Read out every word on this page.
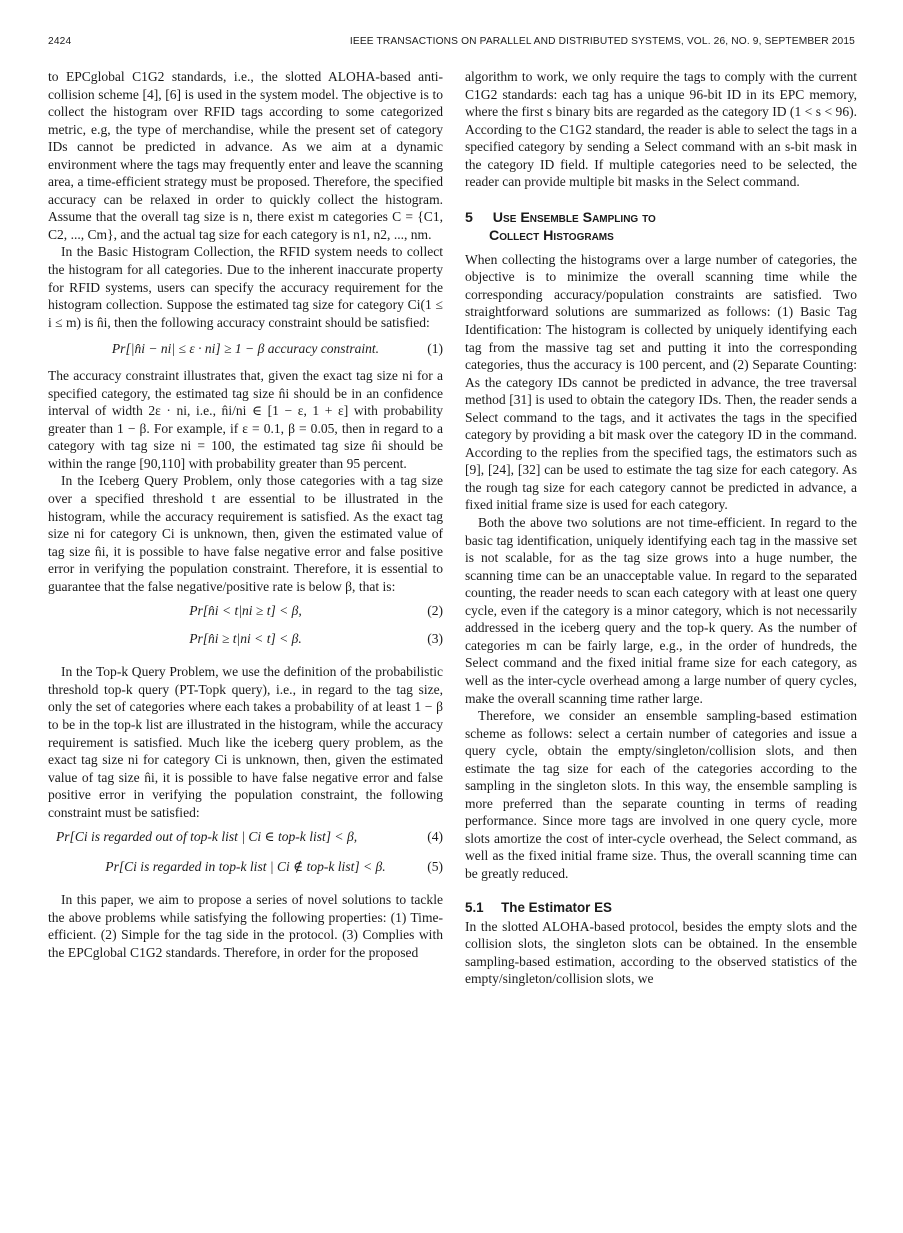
2424	IEEE TRANSACTIONS ON PARALLEL AND DISTRIBUTED SYSTEMS, VOL. 26, NO. 9, SEPTEMBER 2015

to EPCglobal C1G2 standards, i.e., the slotted ALOHA-based anti-collision scheme [4], [6] is used in the system model. The objective is to collect the histogram over RFID tags according to some categorized metric, e.g, the type of merchandise, while the present set of category IDs cannot be predicted in advance. As we aim at a dynamic environment where the tags may frequently enter and leave the scanning area, a time-efficient strategy must be proposed. Therefore, the specified accuracy can be relaxed in order to quickly collect the histogram. Assume that the overall tag size is n, there exist m categories C = {C1, C2, ..., Cm}, and the actual tag size for each category is n1, n2, ..., nm.

In the Basic Histogram Collection, the RFID system needs to collect the histogram for all categories. Due to the inherent inaccurate property for RFID systems, users can specify the accuracy requirement for the histogram collection. Suppose the estimated tag size for category Ci(1 ≤ i ≤ m) is n̂i, then the following accuracy constraint should be satisfied:

Pr[|n̂i − ni| ≤ ε · ni] ≥ 1 − β accuracy constraint.	(1)

The accuracy constraint illustrates that, given the exact tag size ni for a specified category, the estimated tag size n̂i should be in an confidence interval of width 2ε · ni, i.e., n̂i/ni ∈ [1 − ε, 1 + ε] with probability greater than 1 − β. For example, if ε = 0.1, β = 0.05, then in regard to a category with tag size ni = 100, the estimated tag size n̂i should be within the range [90,110] with probability greater than 95 percent.

In the Iceberg Query Problem, only those categories with a tag size over a specified threshold t are essential to be illustrated in the histogram, while the accuracy requirement is satisfied. As the exact tag size ni for category Ci is unknown, then, given the estimated value of tag size n̂i, it is possible to have false negative error and false positive error in verifying the population constraint. Therefore, it is essential to guarantee that the false negative/positive rate is below β, that is:

Pr[n̂i < t|ni ≥ t] < β,	(2)
Pr[n̂i ≥ t|ni < t] < β.	(3)

In the Top-k Query Problem, we use the definition of the probabilistic threshold top-k query (PT-Topk query), i.e., in regard to the tag size, only the set of categories where each takes a probability of at least 1 − β to be in the top-k list are illustrated in the histogram, while the accuracy requirement is satisfied. Much like the iceberg query problem, as the exact tag size ni for category Ci is unknown, then, given the estimated value of tag size n̂i, it is possible to have false negative error and false positive error in verifying the population constraint, the following constraint must be satisfied:

Pr[Ci is regarded out of top-k list | Ci ∈ top-k list] < β,	(4)
Pr[Ci is regarded in top-k list | Ci ∉ top-k list] < β.	(5)

In this paper, we aim to propose a series of novel solutions to tackle the above problems while satisfying the following properties: (1) Time-efficient. (2) Simple for the tag side in the protocol. (3) Complies with the EPCglobal C1G2 standards. Therefore, in order for the proposed

algorithm to work, we only require the tags to comply with the current C1G2 standards: each tag has a unique 96-bit ID in its EPC memory, where the first s binary bits are regarded as the category ID (1 < s < 96). According to the C1G2 standard, the reader is able to select the tags in a specified category by sending a Select command with an s-bit mask in the category ID field. If multiple categories need to be selected, the reader can provide multiple bit masks in the Select command.

5 Use Ensemble Sampling to
Collect Histograms

When collecting the histograms over a large number of categories, the objective is to minimize the overall scanning time while the corresponding accuracy/population constraints are satisfied. Two straightforward solutions are summarized as follows: (1) Basic Tag Identification: The histogram is collected by uniquely identifying each tag from the massive tag set and putting it into the corresponding categories, thus the accuracy is 100 percent, and (2) Separate Counting: As the category IDs cannot be predicted in advance, the tree traversal method [31] is used to obtain the category IDs. Then, the reader sends a Select command to the tags, and it activates the tags in the specified category by providing a bit mask over the category ID in the command. According to the replies from the specified tags, the estimators such as [9], [24], [32] can be used to estimate the tag size for each category. As the rough tag size for each category cannot be predicted in advance, a fixed initial frame size is used for each category.

Both the above two solutions are not time-efficient. In regard to the basic tag identification, uniquely identifying each tag in the massive set is not scalable, for as the tag size grows into a huge number, the scanning time can be an unacceptable value. In regard to the separated counting, the reader needs to scan each category with at least one query cycle, even if the category is a minor category, which is not necessarily addressed in the iceberg query and the top-k query. As the number of categories m can be fairly large, e.g., in the order of hundreds, the Select command and the fixed initial frame size for each category, as well as the inter-cycle overhead among a large number of query cycles, make the overall scanning time rather large.

Therefore, we consider an ensemble sampling-based estimation scheme as follows: select a certain number of categories and issue a query cycle, obtain the empty/singleton/collision slots, and then estimate the tag size for each of the categories according to the sampling in the singleton slots. In this way, the ensemble sampling is more preferred than the separate counting in terms of reading performance. Since more tags are involved in one query cycle, more slots amortize the cost of inter-cycle overhead, the Select command, as well as the fixed initial frame size. Thus, the overall scanning time can be greatly reduced.

5.1 The Estimator ES

In the slotted ALOHA-based protocol, besides the empty slots and the collision slots, the singleton slots can be obtained. In the ensemble sampling-based estimation, according to the observed statistics of the empty/singleton/collision slots, we
